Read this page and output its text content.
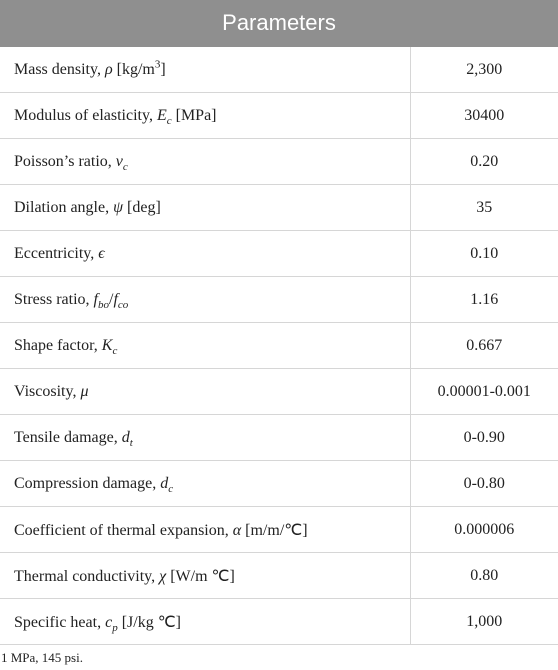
Parameters
Mass density, ρ $[kg/m^3]$	2,300
Modulus of elasticity, $E_c$ [MPa]	30400
Poisson’s ratio, $v_c$	0.20
Dilation angle, ψ [deg]	35
Eccentricity, ϵ	0.10
Stress ratio, $f_{bo}/f_{co}$	1.16
Shape factor, $K_c$	0.667
Viscosity, μ	0.00001-0.001
Tensile damage, $d_t$	0-0.90
Compression damage, $d_c$	0-0.80
Coefficient of thermal expansion, α [m/m/℃]	0.000006
Thermal conductivity, χ [W/m ℃]	0.80
Specific heat, $c_p$ [J/kg ℃]	1,000
1 MPa, 145 psi.
